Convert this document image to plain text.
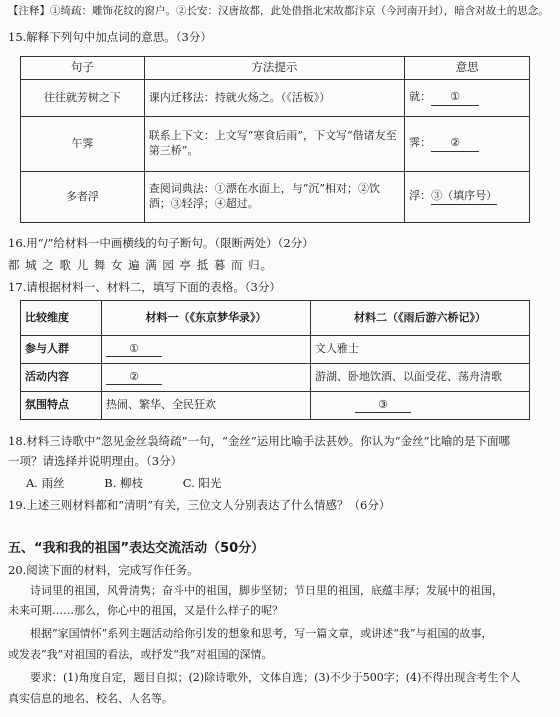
【注释】①绮疏：雕饰花纹的窗户。②长安：汉唐故都，此处借指北宋故都汴京（今河南开封），暗含对故土的思念。
15.解释下列句中加点词的意思。（3分）
句子	方法提示	意思
往往就芳树之下	课内迁移法：持就火炀之。（《活板》）	就： ①
午霁	联系上下文：上文写“寒食后雨”，下文写“偕诸友至第三桥”。	霁： ②
多者浮	查阅词典法：①漂在水面上，与“沉”相对；②饮酒；③轻浮；④超过。	浮：③（填序号）
16.用“/”给材料一中画横线的句子断句。（限断两处）（2分）
都 城 之 歌 儿 舞 女 遍 满 园 亭 抵 暮 而 归。
17.请根据材料一、材料二，填写下面的表格。（3分）
比较维度	材料一（《东京梦华录》）	材料二（《雨后游六桥记》）
参与人群	①	文人雅士
活动内容	②	游湖、卧地饮酒、以面受花、荡舟清歌
氛围特点	热闹、繁华、全民狂欢	③
18.材料三诗歌中“忽见金丝袅绮疏”一句，“金丝”运用比喻手法甚妙。你认为“金丝”比喻的是下面哪
一项？请选择并说明理由。（3分）
A. 雨丝	B. 柳枝	C. 阳光
19.上述三则材料都和“清明”有关，三位文人分别表达了什么情感？（6分）
五、“我和我的祖国”表达交流活动（50分）
20.阅读下面的材料，完成写作任务。
诗词里的祖国，风骨清隽；奋斗中的祖国，脚步坚韧；节日里的祖国，底蕴丰厚；发展中的祖国，
未来可期……那么，你心中的祖国，又是什么样子的呢？
根据“家国情怀”系列主题活动给你引发的想象和思考，写一篇文章，或讲述“我”与祖国的故事，
或发表“我”对祖国的看法，或抒发“我”对祖国的深情。
要求：(1)角度自定，题目自拟；(2)除诗歌外，文体自选；(3)不少于500字；(4)不得出现含考生个人
真实信息的地名、校名、人名等。
